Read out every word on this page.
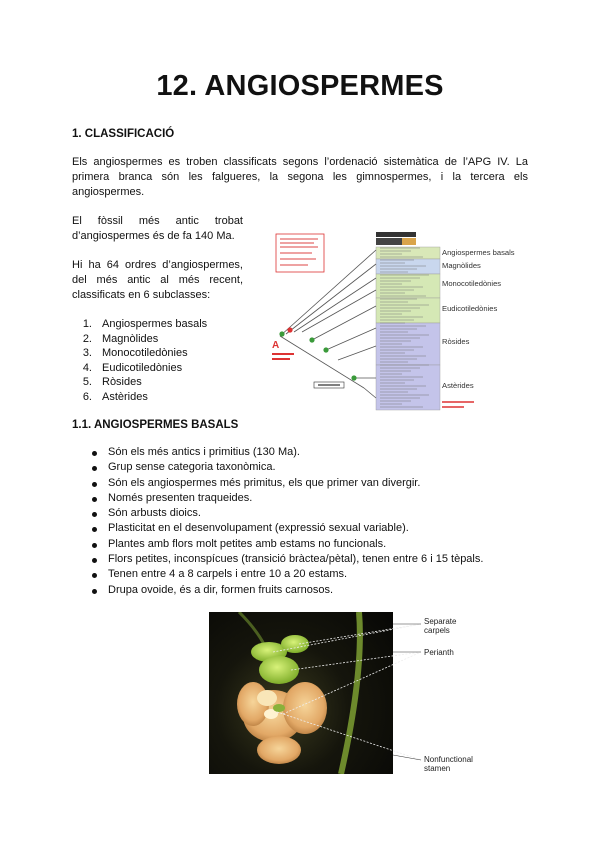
12. ANGIOSPERMES
1. CLASSIFICACIÓ
Els angiospermes es troben classificats segons l’ordenació sistemàtica de l’APG IV. La primera branca són les falgueres, la segona les gimnospermes, i la tercera els angiospermes.
El fòssil més antic trobat d’angiospermes és de fa 140 Ma.
Hi ha 64 ordres d’angiospermes, del més antic al més recent, classificats en 6 subclasses:
1. Angiospermes basals
2. Magnòlides
3. Monocotiledònies
4. Eudicotiledònies
5. Ròsides
6. Astèrides
A
Angiospermes basals
Magnòlides
Monocotiledònies
Eudicotiledònies
Ròsides
Astèrides
1.1. ANGIOSPERMES BASALS
Són els més antics i primitius (130 Ma).
Grup sense categoria taxonòmica.
Són els angiospermes més primitus, els que primer van divergir.
Només presenten traqueides.
Són arbusts dioics.
Plasticitat en el desenvolupament (expressió sexual variable).
Plantes amb flors molt petites amb estams no funcionals.
Flors petites, inconspícues (transició bràctea/pètal), tenen entre 6 i 15 tèpals.
Tenen entre 4 a 8 carpels i entre 10 a 20 estams.
Drupa ovoide, és a dir, formen fruits carnosos.
Separate
carpels
Perianth
Nonfunctional
stamen
